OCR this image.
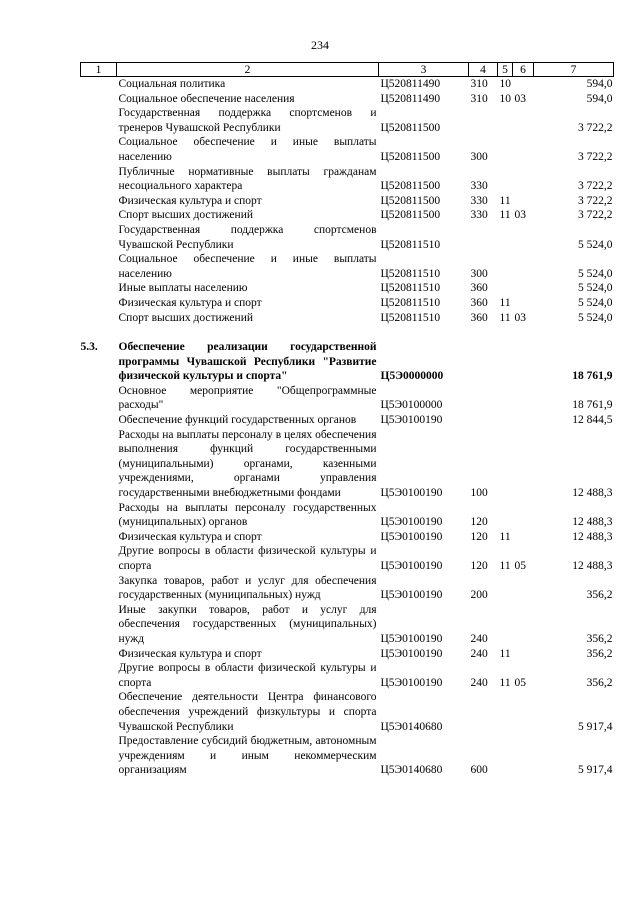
234
1	2	3	4	5	6	7
	Социальная политика	Ц520811490	310	10		594,0
	Социальное обеспечение населения	Ц520811490	310	10	03	594,0
	Государственная поддержка спортсменов и тренеров Чувашской Республики	Ц520811500				3 722,2
	Социальное обеспечение и иные выплаты населению	Ц520811500	300			3 722,2
	Публичные нормативные выплаты гражданам несоциального характера	Ц520811500	330			3 722,2
	Физическая культура и спорт	Ц520811500	330	11		3 722,2
	Спорт высших достижений	Ц520811500	330	11	03	3 722,2
	Государственная поддержка спортсменов Чувашской Республики	Ц520811510				5 524,0
	Социальное обеспечение и иные выплаты населению	Ц520811510	300			5 524,0
	Иные выплаты населению	Ц520811510	360			5 524,0
	Физическая культура и спорт	Ц520811510	360	11		5 524,0
	Спорт высших достижений	Ц520811510	360	11	03	5 524,0

5.3.	Обеспечение реализации государственной программы Чувашской Республики "Развитие физической культуры и спорта"	Ц5Э0000000				18 761,9
	Основное мероприятие "Общепрограммные расходы"	Ц5Э0100000				18 761,9
	Обеспечение функций государственных органов	Ц5Э0100190				12 844,5
	Расходы на выплаты персоналу в целях обеспечения выполнения функций государственными (муниципальными) органами, казенными учреждениями, органами управления государственными внебюджетными фондами	Ц5Э0100190	100			12 488,3
	Расходы на выплаты персоналу государственных (муниципальных) органов	Ц5Э0100190	120			12 488,3
	Физическая культура и спорт	Ц5Э0100190	120	11		12 488,3
	Другие вопросы в области физической культуры и спорта	Ц5Э0100190	120	11	05	12 488,3
	Закупка товаров, работ и услуг для обеспечения государственных (муниципальных) нужд	Ц5Э0100190	200			356,2
	Иные закупки товаров, работ и услуг для обеспечения государственных (муниципальных) нужд	Ц5Э0100190	240			356,2
	Физическая культура и спорт	Ц5Э0100190	240	11		356,2
	Другие вопросы в области физической культуры и спорта	Ц5Э0100190	240	11	05	356,2
	Обеспечение деятельности Центра финансового обеспечения учреждений физкультуры и спорта Чувашской Республики	Ц5Э0140680				5 917,4
	Предоставление субсидий бюджетным, автономным учреждениям и иным некоммерческим организациям	Ц5Э0140680	600			5 917,4
